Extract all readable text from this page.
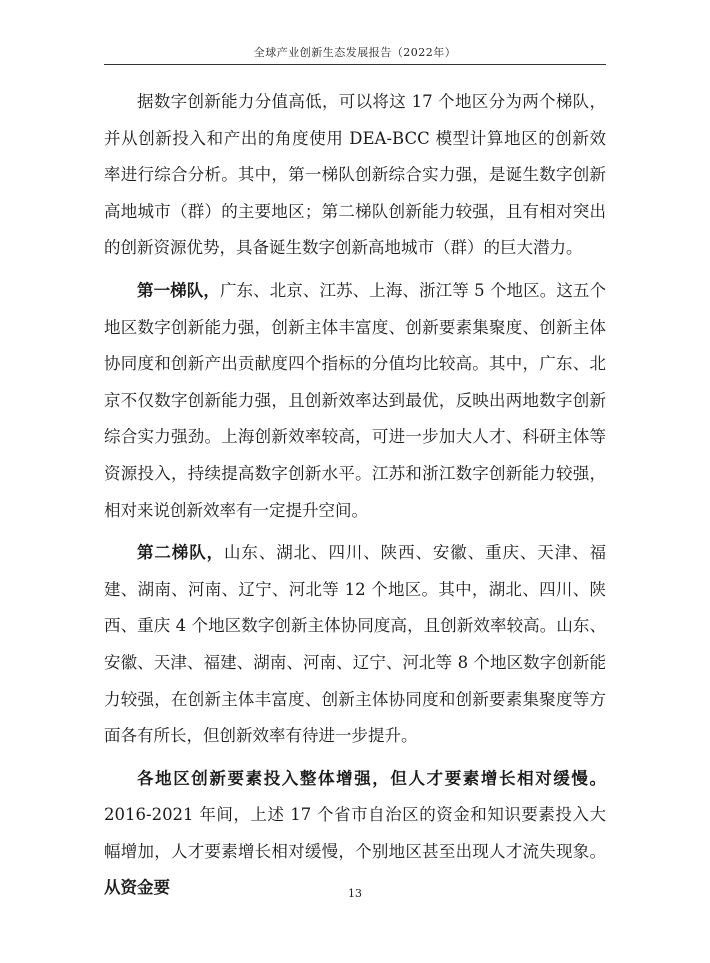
全球产业创新生态发展报告（2022年）

据数字创新能力分值高低，可以将这 17 个地区分为两个梯队，并从创新投入和产出的角度使用 DEA-BCC 模型计算地区的创新效率进行综合分析。其中，第一梯队创新综合实力强，是诞生数字创新高地城市（群）的主要地区；第二梯队创新能力较强，且有相对突出的创新资源优势，具备诞生数字创新高地城市（群）的巨大潜力。

第一梯队，广东、北京、江苏、上海、浙江等 5 个地区。这五个地区数字创新能力强，创新主体丰富度、创新要素集聚度、创新主体协同度和创新产出贡献度四个指标的分值均比较高。其中，广东、北京不仅数字创新能力强，且创新效率达到最优，反映出两地数字创新综合实力强劲。上海创新效率较高，可进一步加大人才、科研主体等资源投入，持续提高数字创新水平。江苏和浙江数字创新能力较强，相对来说创新效率有一定提升空间。

第二梯队，山东、湖北、四川、陕西、安徽、重庆、天津、福建、湖南、河南、辽宁、河北等 12 个地区。其中，湖北、四川、陕西、重庆 4 个地区数字创新主体协同度高，且创新效率较高。山东、安徽、天津、福建、湖南、河南、辽宁、河北等 8 个地区数字创新能力较强，在创新主体丰富度、创新主体协同度和创新要素集聚度等方面各有所长，但创新效率有待进一步提升。

各地区创新要素投入整体增强，但人才要素增长相对缓慢。2016-2021 年间，上述 17 个省市自治区的资金和知识要素投入大幅增加，人才要素增长相对缓慢，个别地区甚至出现人才流失现象。从资金要	13
